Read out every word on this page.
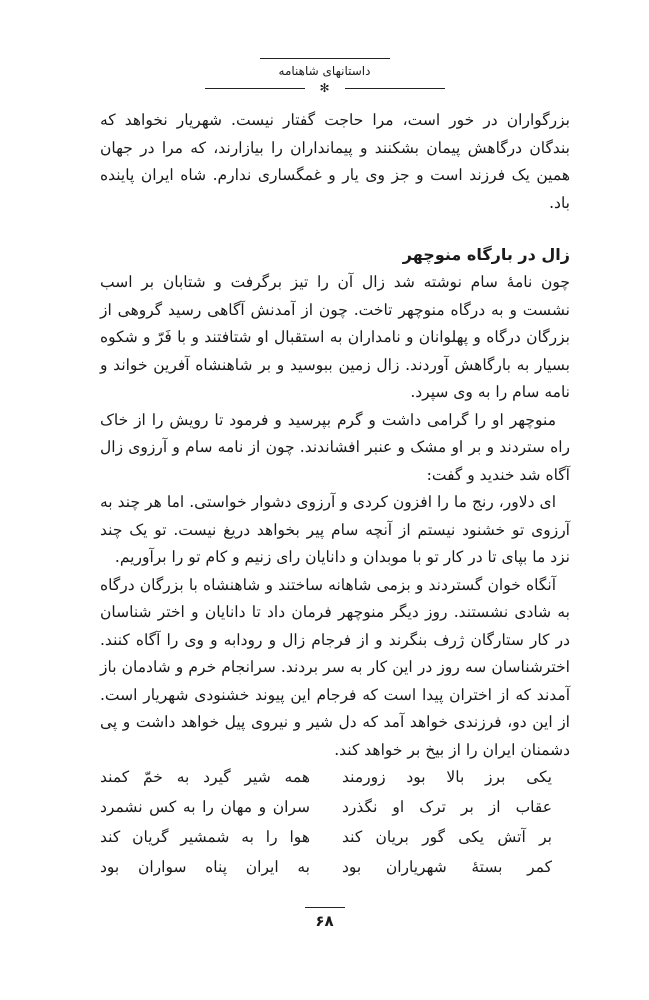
داستانهای شاهنامه
✻

بزرگواران در خور است، مرا حاجت گفتار نیست. شهریار نخواهد که بندگان درگاهش پیمان بشکنند و پیمانداران را بیازارند، که مرا در جهان همین یک فرزند است و جز وی یار و غمگساری ندارم. شاه ایران پاینده باد.

زال در بارگاه منوچهر

چون نامهٔ سام نوشته شد زال آن را تیز برگرفت و شتابان بر اسب نشست و به درگاه منوچهر تاخت. چون از آمدنش آگاهی رسید گروهی از بزرگان درگاه و پهلوانان و نامداران به استقبال او شتافتند و با فَرّ و شکوه بسیار به بارگاهش آوردند. زال زمین ببوسید و بر شاهنشاه آفرین خواند و نامه سام را به وی سپرد.

منوچهر او را گرامی داشت و گرم بپرسید و فرمود تا رویش را از خاک راه ستردند و بر او مشک و عنبر افشاندند. چون از نامه سام و آرزوی زال آگاه شد خندید و گفت:

ای دلاور، رنج ما را افزون کردی و آرزوی دشوار خواستی. اما هر چند به آرزوی تو خشنود نیستم از آنچه سام پیر بخواهد دریغ نیست. تو یک چند نزد ما بپای تا در کار تو با موبدان و دانایان رای زنیم و کام تو را برآوریم.

آنگاه خوان گستردند و بزمی شاهانه ساختند و شاهنشاه با بزرگان درگاه به شادی نشستند. روز دیگر منوچهر فرمان داد تا دانایان و اختر شناسان در کار ستارگان ژرف بنگرند و از فرجام زال و رودابه و وی را آگاه کنند. اخترشناسان سه روز در این کار به سر بردند. سرانجام خرم و شادمان باز آمدند که از اختران پیدا است که فرجام این پیوند خشنودی شهریار است. از این دو، فرزندی خواهد آمد که دل شیر و نیروی پیل خواهد داشت و پی دشمنان ایران را از بیخ بر خواهد کند.

یکی برز بالا بود زورمند
همه شیر گیرد به خمّ کمند
عقاب از بر ترک او نگذرد
سران و مهان را به کس نشمرد
بر آتش یکی گور بریان کند
هوا را به شمشیر گریان کند
کمر بستهٔ شهریاران بود
به ایران پناه سواران بود
۶۸
